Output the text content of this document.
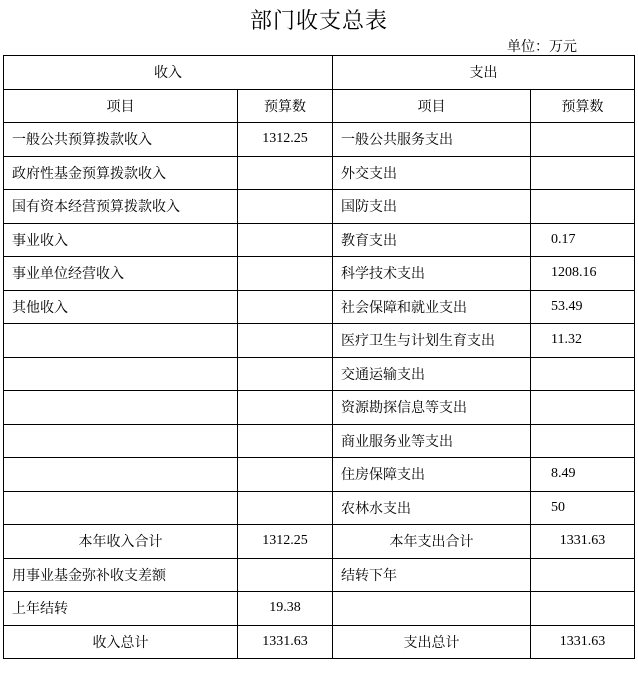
部门收支总表
单位：万元
收入		支出	
项目	预算数	项目	预算数
一般公共预算拨款收入	1312.25	一般公共服务支出	
政府性基金预算拨款收入		外交支出	
国有资本经营预算拨款收入		国防支出	
事业收入		教育支出	0.17
事业单位经营收入		科学技术支出	1208.16
其他收入		社会保障和就业支出	53.49
		医疗卫生与计划生育支出	11.32
		交通运输支出	
		资源勘探信息等支出	
		商业服务业等支出	
		住房保障支出	8.49
		农林水支出	50
本年收入合计	1312.25	本年支出合计	1331.63
用事业基金弥补收支差额		结转下年	
上年结转	19.38		
收入总计	1331.63	支出总计	1331.63
